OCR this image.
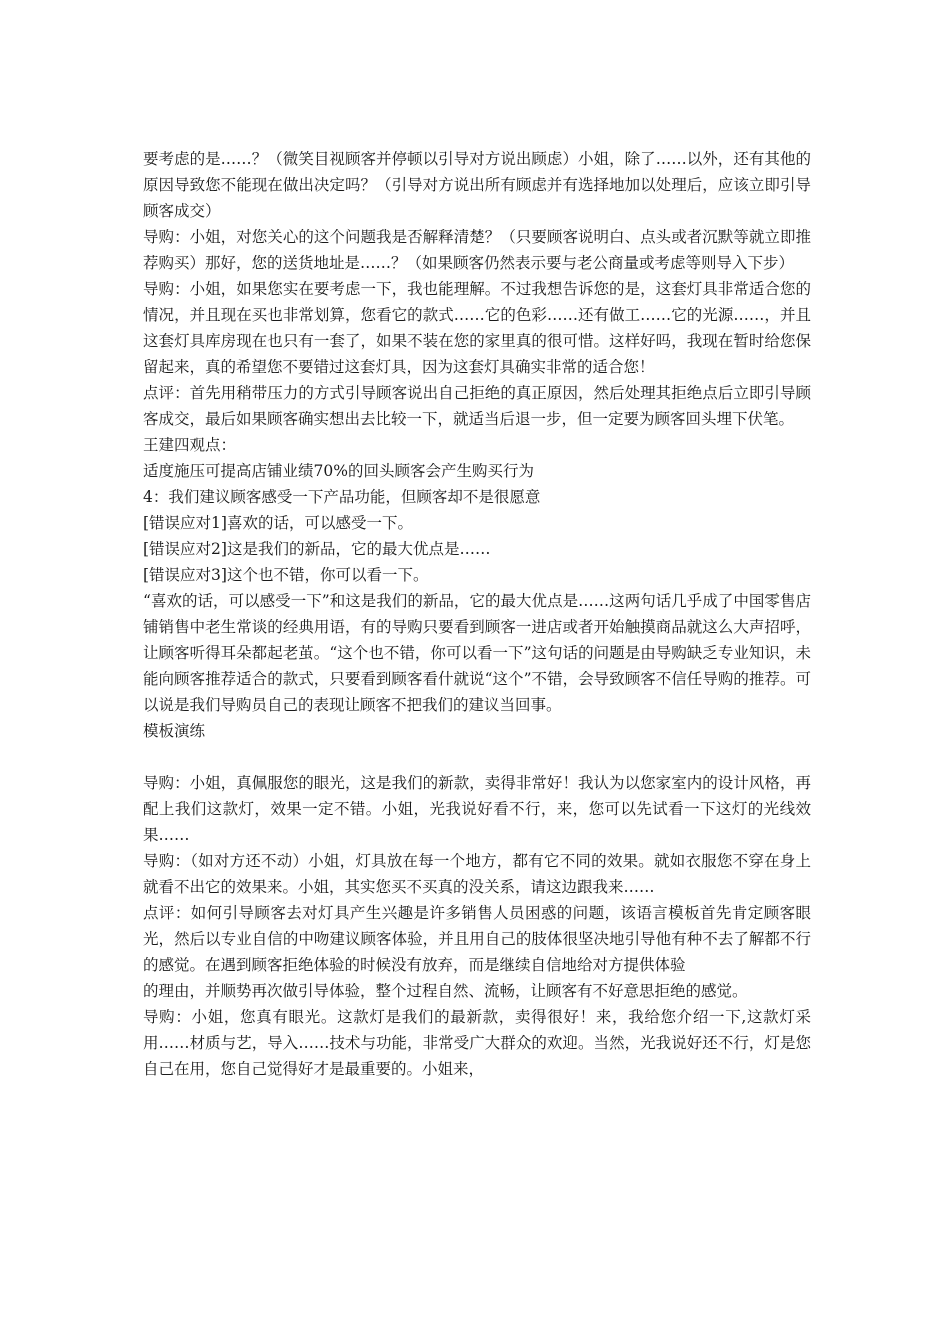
要考虑的是……？（微笑目视顾客并停顿以引导对方说出顾虑）小姐，除了……以外，还有其他的原因导致您不能现在做出决定吗？（引导对方说出所有顾虑并有选择地加以处理后，应该立即引导顾客成交）

导购：小姐，对您关心的这个问题我是否解释清楚？（只要顾客说明白、点头或者沉默等就立即推荐购买）那好，您的送货地址是……？（如果顾客仍然表示要与老公商量或考虑等则导入下步）

导购：小姐，如果您实在要考虑一下，我也能理解。不过我想告诉您的是，这套灯具非常适合您的情况，并且现在买也非常划算，您看它的款式……它的色彩……还有做工……它的光源……，并且这套灯具库房现在也只有一套了，如果不装在您的家里真的很可惜。这样好吗，我现在暂时给您保留起来，真的希望您不要错过这套灯具，因为这套灯具确实非常的适合您！

点评：首先用稍带压力的方式引导顾客说出自己拒绝的真正原因，然后处理其拒绝点后立即引导顾客成交，最后如果顾客确实想出去比较一下，就适当后退一步，但一定要为顾客回头埋下伏笔。

王建四观点：

适度施压可提高店铺业绩70%的回头顾客会产生购买行为

4：我们建议顾客感受一下产品功能，但顾客却不是很愿意

[错误应对1]喜欢的话，可以感受一下。

[错误应对2]这是我们的新品，它的最大优点是……

[错误应对3]这个也不错，你可以看一下。

“喜欢的话，可以感受一下”和这是我们的新品，它的最大优点是……这两句话几乎成了中国零售店铺销售中老生常谈的经典用语，有的导购只要看到顾客一进店或者开始触摸商品就这么大声招呼，让顾客听得耳朵都起老茧。“这个也不错，你可以看一下”这句话的问题是由导购缺乏专业知识，未能向顾客推荐适合的款式，只要看到顾客看什就说“这个”不错，会导致顾客不信任导购的推荐。可以说是我们导购员自己的表现让顾客不把我们的建议当回事。

模板演练

导购：小姐，真佩服您的眼光，这是我们的新款，卖得非常好！我认为以您家室内的设计风格，再配上我们这款灯，效果一定不错。小姐，光我说好看不行，来，您可以先试看一下这灯的光线效果……

导购：（如对方还不动）小姐，灯具放在每一个地方，都有它不同的效果。就如衣服您不穿在身上就看不出它的效果来。小姐，其实您买不买真的没关系，请这边跟我来……

点评：如何引导顾客去对灯具产生兴趣是许多销售人员困惑的问题，该语言模板首先肯定顾客眼光，然后以专业自信的中吻建议顾客体验，并且用自己的肢体很坚决地引导他有种不去了解都不行的感觉。在遇到顾客拒绝体验的时候没有放弃，而是继续自信地给对方提供体验

的理由，并顺势再次做引导体验，整个过程自然、流畅，让顾客有不好意思拒绝的感觉。

导购：小姐，您真有眼光。这款灯是我们的最新款，卖得很好！来，我给您介绍一下,这款灯采用……材质与艺，导入……技术与功能，非常受广大群众的欢迎。当然，光我说好还不行，灯是您自己在用，您自己觉得好才是最重要的。小姐来，
